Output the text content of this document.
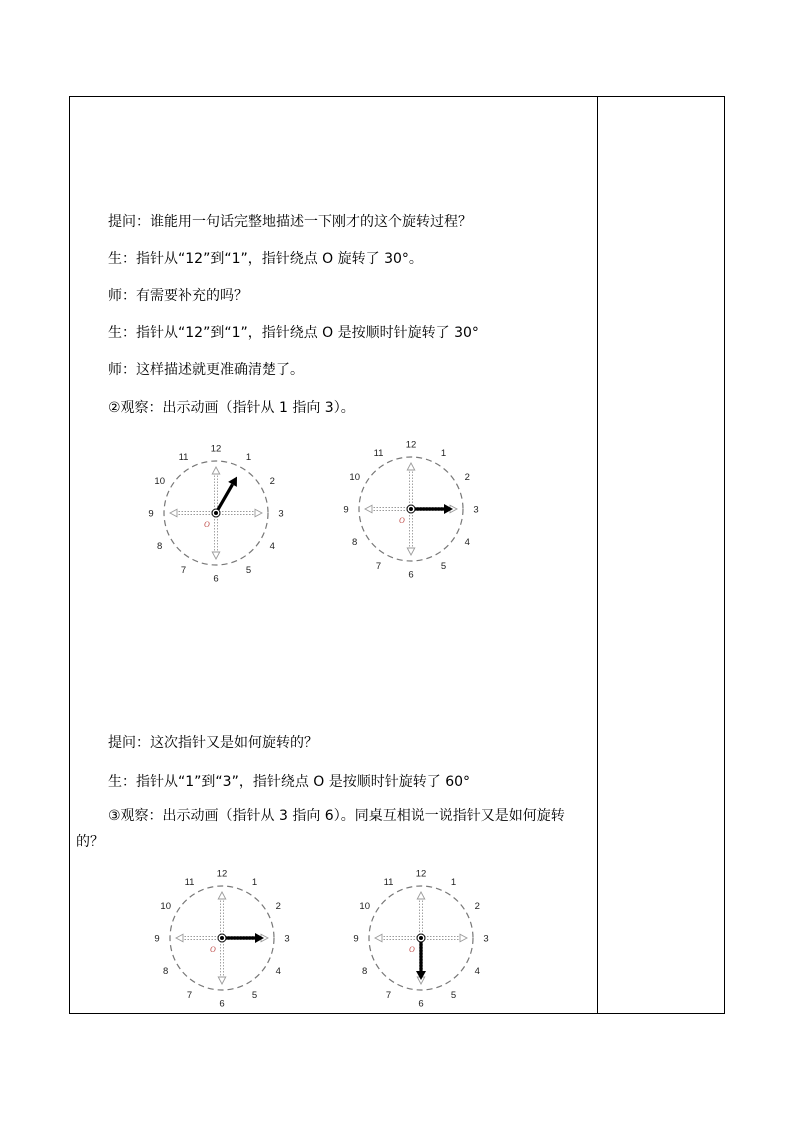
提问：谁能用一句话完整地描述一下刚才的这个旋转过程？
生：指针从“12”到“1”，指针绕点 O 旋转了 30°。
师：有需要补充的吗？
生：指针从“12”到“1”，指针绕点 O 是按顺时针旋转了 30°
师：这样描述就更准确清楚了。
②观察：出示动画（指针从 1 指向 3）。
12
1
2
3
4
5
6
7
8
9
10
11
O
12
1
2
3
4
5
6
7
8
9
10
11
O
提问：这次指针又是如何旋转的？
生：指针从“1”到“3”，指针绕点 O 是按顺时针旋转了 60°
③观察：出示动画（指针从 3 指向 6）。同桌互相说一说指针又是如何旋转的？
12
1
2
3
4
5
6
7
8
9
10
11
O
12
1
2
3
4
5
6
7
8
9
10
11
O
